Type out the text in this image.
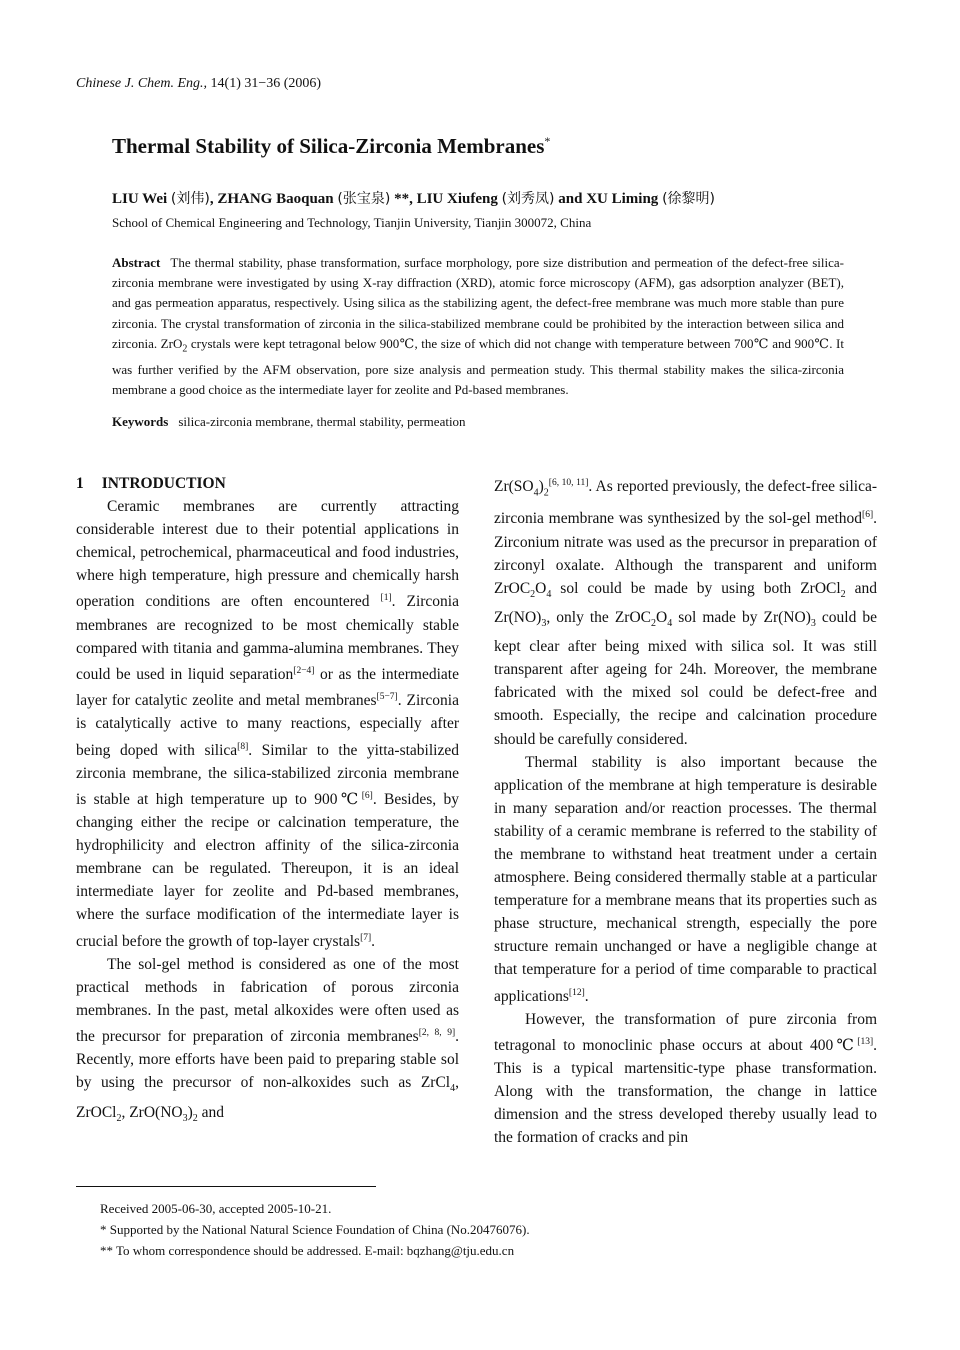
Chinese J. Chem. Eng., 14(1) 31−36 (2006)
Thermal Stability of Silica-Zirconia Membranes*
LIU Wei (刘伟), ZHANG Baoquan (张宝泉) **, LIU Xiufeng (刘秀凤) and XU Liming (徐黎明)
School of Chemical Engineering and Technology, Tianjin University, Tianjin 300072, China
Abstract The thermal stability, phase transformation, surface morphology, pore size distribution and permeation of the defect-free silica-zirconia membrane were investigated by using X-ray diffraction (XRD), atomic force microscopy (AFM), gas adsorption analyzer (BET), and gas permeation apparatus, respectively. Using silica as the stabilizing agent, the defect-free membrane was much more stable than pure zirconia. The crystal transformation of zirconia in the silica-stabilized membrane could be prohibited by the interaction between silica and zirconia. ZrO$_2$ crystals were kept tetragonal below 900℃, the size of which did not change with temperature between 700℃ and 900℃. It was further verified by the AFM observation, pore size analysis and permeation study. This thermal stability makes the silica-zirconia membrane a good choice as the intermediate layer for zeolite and Pd-based membranes.
Keywords silica-zirconia membrane, thermal stability, permeation
1 INTRODUCTION

Ceramic membranes are currently attracting considerable interest due to their potential applications in chemical, petrochemical, pharmaceutical and food industries, where high temperature, high pressure and chemically harsh operation conditions are often encountered [1]. Zirconia membranes are recognized to be most chemically stable compared with titania and gamma-alumina membranes. They could be used in liquid separation[2−4] or as the intermediate layer for catalytic zeolite and metal membranes[5−7]. Zirconia is catalytically active to many reactions, especially after being doped with silica[8]. Similar to the yitta-stabilized zirconia membrane, the silica-stabilized zirconia membrane is stable at high temperature up to 900℃[6]. Besides, by changing either the recipe or calcination temperature, the hydrophilicity and electron affinity of the silica-zirconia membrane can be regulated. Thereupon, it is an ideal intermediate layer for zeolite and Pd-based membranes, where the surface modification of the intermediate layer is crucial before the growth of top-layer crystals[7].

The sol-gel method is considered as one of the most practical methods in fabrication of porous zirconia membranes. In the past, metal alkoxides were often used as the precursor for preparation of zirconia membranes[2, 8, 9]. Recently, more efforts have been paid to preparing stable sol by using the precursor of non-alkoxides such as ZrCl$_4$, ZrOCl$_2$, $ZrO(NO_3)_2$ and

$Zr(SO_4)_2[6, 10, 11]$. As reported previously, the defect-free silica-zirconia membrane was synthesized by the sol-gel method[6]. Zirconium nitrate was used as the precursor in preparation of zirconyl oxalate. Although the transparent and uniform $ZrOC_2O_4$ sol could be made by using both ZrOCl$_2$ and $Zr(NO)_3$, only the $ZrOC_2O_4$ sol made by $Zr(NO)_3$ could be kept clear after being mixed with silica sol. It was still transparent after ageing for 24h. Moreover, the membrane fabricated with the mixed sol could be defect-free and smooth. Especially, the recipe and calcination procedure should be carefully considered.

Thermal stability is also important because the application of the membrane at high temperature is desirable in many separation and/or reaction processes. The thermal stability of a ceramic membrane is referred to the stability of the membrane to withstand heat treatment under a certain atmosphere. Being considered thermally stable at a particular temperature for a membrane means that its properties such as phase structure, mechanical strength, especially the pore structure remain unchanged or have a negligible change at that temperature for a period of time comparable to practical applications[12].

However, the transformation of pure zirconia from tetragonal to monoclinic phase occurs at about 400℃[13]. This is a typical martensitic-type phase transformation. Along with the transformation, the change in lattice dimension and the stress developed thereby usually lead to the formation of cracks and pin

Received 2005-06-30, accepted 2005-10-21.
* Supported by the National Natural Science Foundation of China (No.20476076).
** To whom correspondence should be addressed. E-mail: bqzhang@tju.edu.cn
